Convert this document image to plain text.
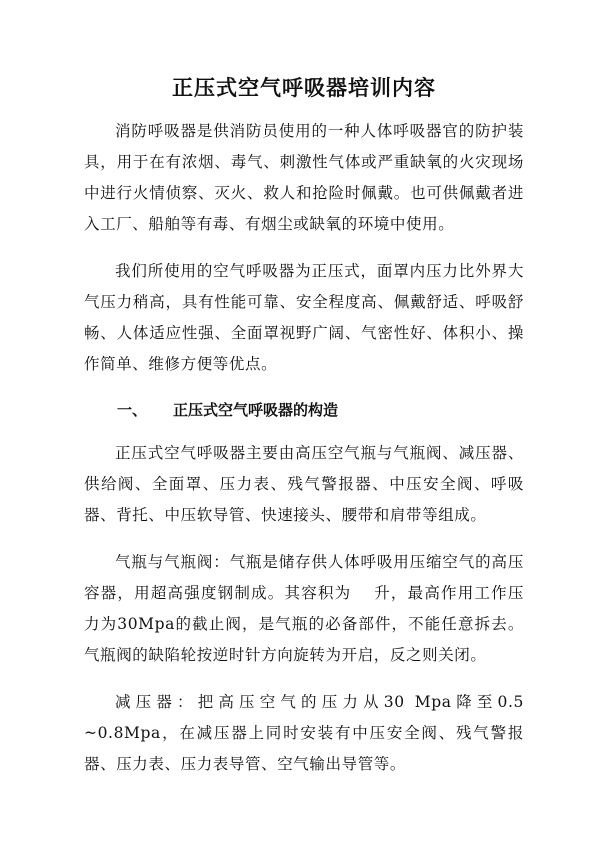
正压式空气呼吸器培训内容

消防呼吸器是供消防员使用的一种人体呼吸器官的防护装具，用于在有浓烟、毒气、刺激性气体或严重缺氧的火灾现场中进行火情侦察、灭火、救人和抢险时佩戴。也可供佩戴者进入工厂、船舶等有毒、有烟尘或缺氧的环境中使用。

我们所使用的空气呼吸器为正压式，面罩内压力比外界大气压力稍高，具有性能可靠、安全程度高、佩戴舒适、呼吸舒畅、人体适应性强、全面罩视野广阔、气密性好、体积小、操作简单、维修方便等优点。

一、 正压式空气呼吸器的构造

正压式空气呼吸器主要由高压空气瓶与气瓶阀、减压器、供给阀、全面罩、压力表、残气警报器、中压安全阀、呼吸器、背托、中压软导管、快速接头、腰带和肩带等组成。

气瓶与气瓶阀：气瓶是储存供人体呼吸用压缩空气的高压容器，用超高强度钢制成。其容积为　 升，最高作用工作压力为30Mpa的截止阀，是气瓶的必备部件，不能任意拆去。气瓶阀的缺陷轮按逆时针方向旋转为开启，反之则关闭。

减压器：把高压空气的压力从30 Mpa降至0.5 ~0.8Mpa，在减压器上同时安装有中压安全阀、残气警报器、压力表、压力表导管、空气输出导管等。
